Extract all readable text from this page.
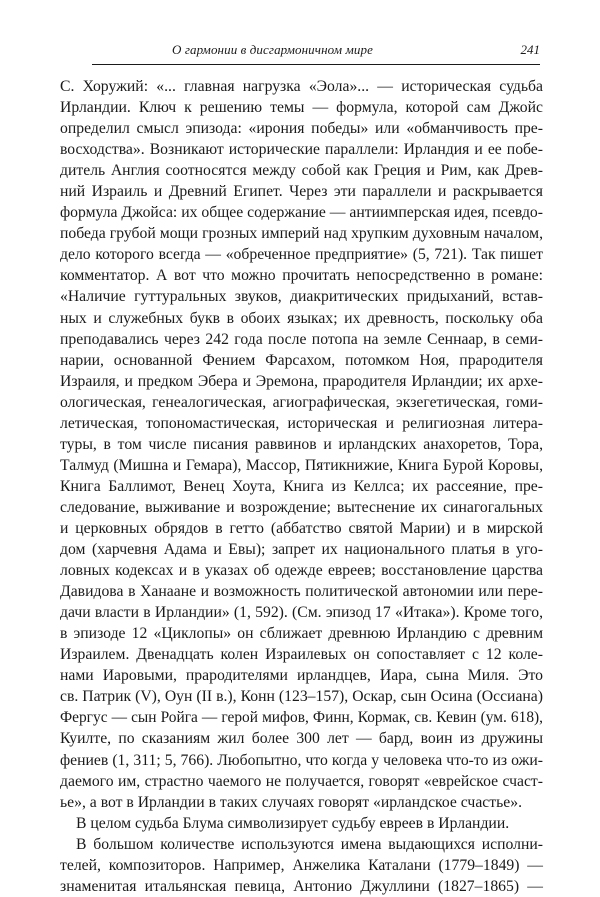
О гармонии в дисгармоничном мире	241
С. Хоружий: «... главная нагрузка «Эола»... — историческая судьба
Ирландии. Ключ к решению темы — формула, которой сам Джойс
определил смысл эпизода: «ирония победы» или «обманчивость пре-
восходства». Возникают исторические параллели: Ирландия и ее побе-
дитель Англия соотносятся между собой как Греция и Рим, как Древ-
ний Израиль и Древний Египет. Через эти параллели и раскрывается
формула Джойса: их общее содержание — антиимперская идея, псевдо-
победа грубой мощи грозных империй над хрупким духовным началом,
дело которого всегда — «обреченное предприятие» (5, 721). Так пишет
комментатор. А вот что можно прочитать непосредственно в романе:
«Наличие гуттуральных звуков, диакритических придыханий, встав-
ных и служебных букв в обоих языках; их древность, поскольку оба
преподавались через 242 года после потопа на земле Сеннаар, в семи-
нарии, основанной Фением Фарсахом, потомком Ноя, прародителя
Израиля, и предком Эбера и Эремона, прародителя Ирландии; их архе-
ологическая, генеалогическая, агиографическая, экзегетическая, гоми-
летическая, топономастическая, историческая и религиозная литера-
туры, в том числе писания раввинов и ирландских анахоретов, Тора,
Талмуд (Мишна и Гемара), Массор, Пятикнижие, Книга Бурой Коровы,
Книга Баллимот, Венец Хоута, Книга из Келлса; их рассеяние, пре-
следование, выживание и возрождение; вытеснение их синагогальных
и церковных обрядов в гетто (аббатство святой Марии) и в мирской
дом (харчевня Адама и Евы); запрет их национального платья в уго-
ловных кодексах и в указах об одежде евреев; восстановление царства
Давидова в Ханаане и возможность политической автономии или пере-
дачи власти в Ирландии» (1, 592). (См. эпизод 17 «Итака»). Кроме того,
в эпизоде 12 «Циклопы» он сближает древнюю Ирландию с древним
Израилем. Двенадцать колен Израилевых он сопоставляет с 12 коле-
нами Иаровыми, прародителями ирландцев, Иара, сына Миля. Это
св. Патрик (V), Оун (II в.), Конн (123–157), Оскар, сын Осина (Оссиана)
Фергус — сын Ройга — герой мифов, Финн, Кормак, св. Кевин (ум. 618),
Куилте, по сказаниям жил более 300 лет — бард, воин из дружины
фениев (1, 311; 5, 766). Любопытно, что когда у человека что-то из ожи-
даемого им, страстно чаемого не получается, говорят «еврейское счаст-
ье», а вот в Ирландии в таких случаях говорят «ирландское счастье».
В целом судьба Блума символизирует судьбу евреев в Ирландии.
В большом количестве используются имена выдающихся исполни-
телей, композиторов. Например, Анжелика Каталани (1779–1849) —
знаменитая итальянская певица, Антонио Джуллини (1827–1865) —
